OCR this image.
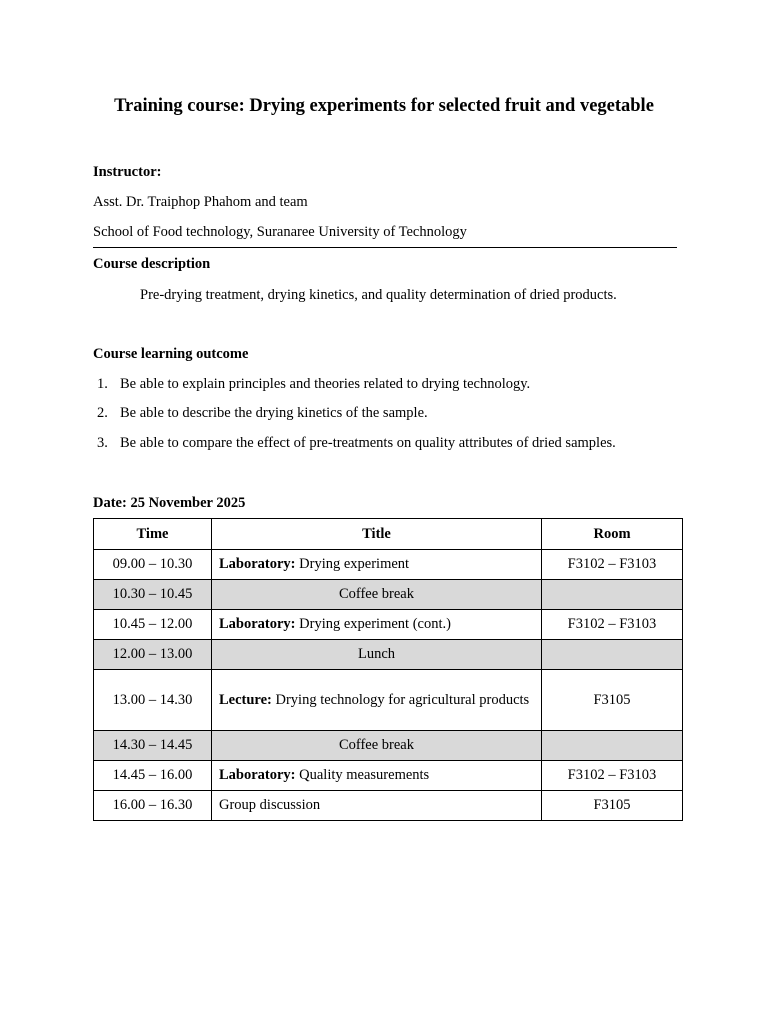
Training course: Drying experiments for selected fruit and vegetable
Instructor:
Asst. Dr. Traiphop Phahom and team
School of Food technology, Suranaree University of Technology
Course description
Pre-drying treatment, drying kinetics, and quality determination of dried products.
Course learning outcome
1. Be able to explain principles and theories related to drying technology.
2. Be able to describe the drying kinetics of the sample.
3. Be able to compare the effect of pre-treatments on quality attributes of dried samples.
Date: 25 November 2025
Time	Title	Room
09.00 – 10.30	Laboratory: Drying experiment	F3102 – F3103
10.30 – 10.45	Coffee break	
10.45 – 12.00	Laboratory: Drying experiment (cont.)	F3102 – F3103
12.00 – 13.00	Lunch	
13.00 – 14.30	Lecture: Drying technology for agricultural products	F3105
14.30 – 14.45	Coffee break	
14.45 – 16.00	Laboratory: Quality measurements	F3102 – F3103
16.00 – 16.30	Group discussion	F3105
